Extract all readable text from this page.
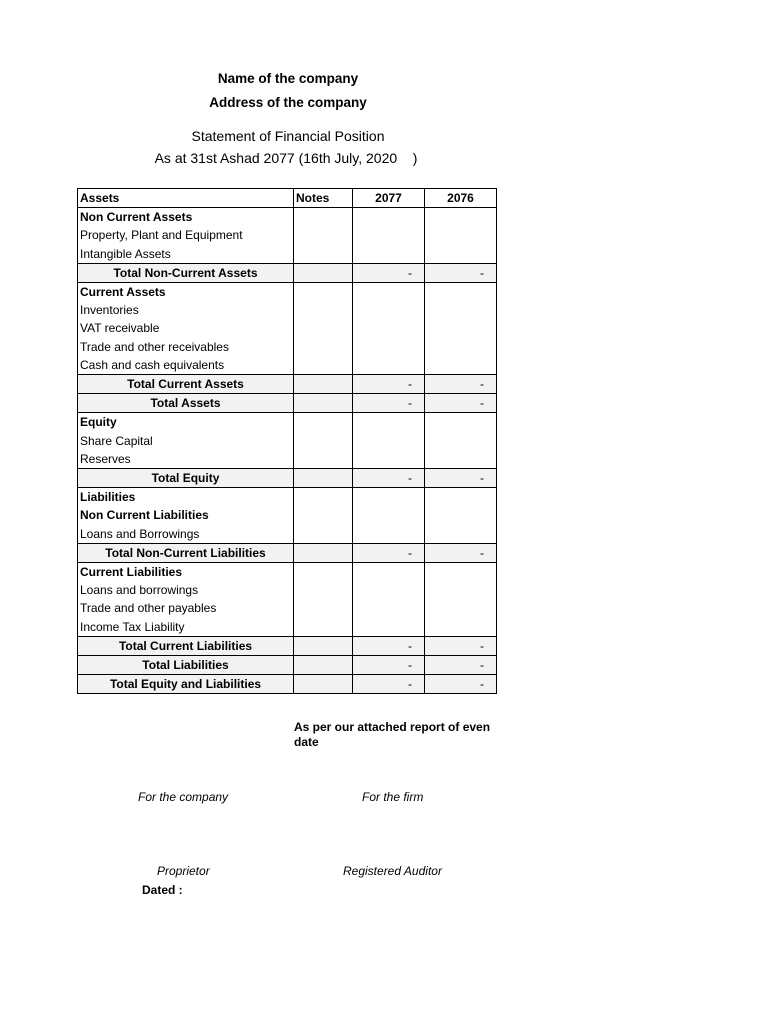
Name of the company
Address of the company
Statement of Financial Position
As at 31st Ashad 2077 (16th July, 2020    )
Assets	Notes	2077	2076
Non Current Assets			
Property, Plant and Equipment			
Intangible Assets			
Total Non-Current Assets		-	-
Current Assets			
Inventories			
VAT receivable			
Trade and other receivables			
Cash and cash equivalents			
Total Current Assets		-	-
Total Assets		-	-
Equity			
Share Capital			
Reserves			
Total Equity		-	-
Liabilities			
Non Current Liabilities			
Loans and Borrowings			
Total Non-Current Liabilities		-	-
Current Liabilities			
Loans and borrowings			
Trade and other payables			
Income Tax Liability			
Total Current Liabilities		-	-
Total Liabilities		-	-
Total Equity and Liabilities		-	-
As per our attached report of even date
For the company	For the firm
Proprietor	Registered Auditor
Dated :
